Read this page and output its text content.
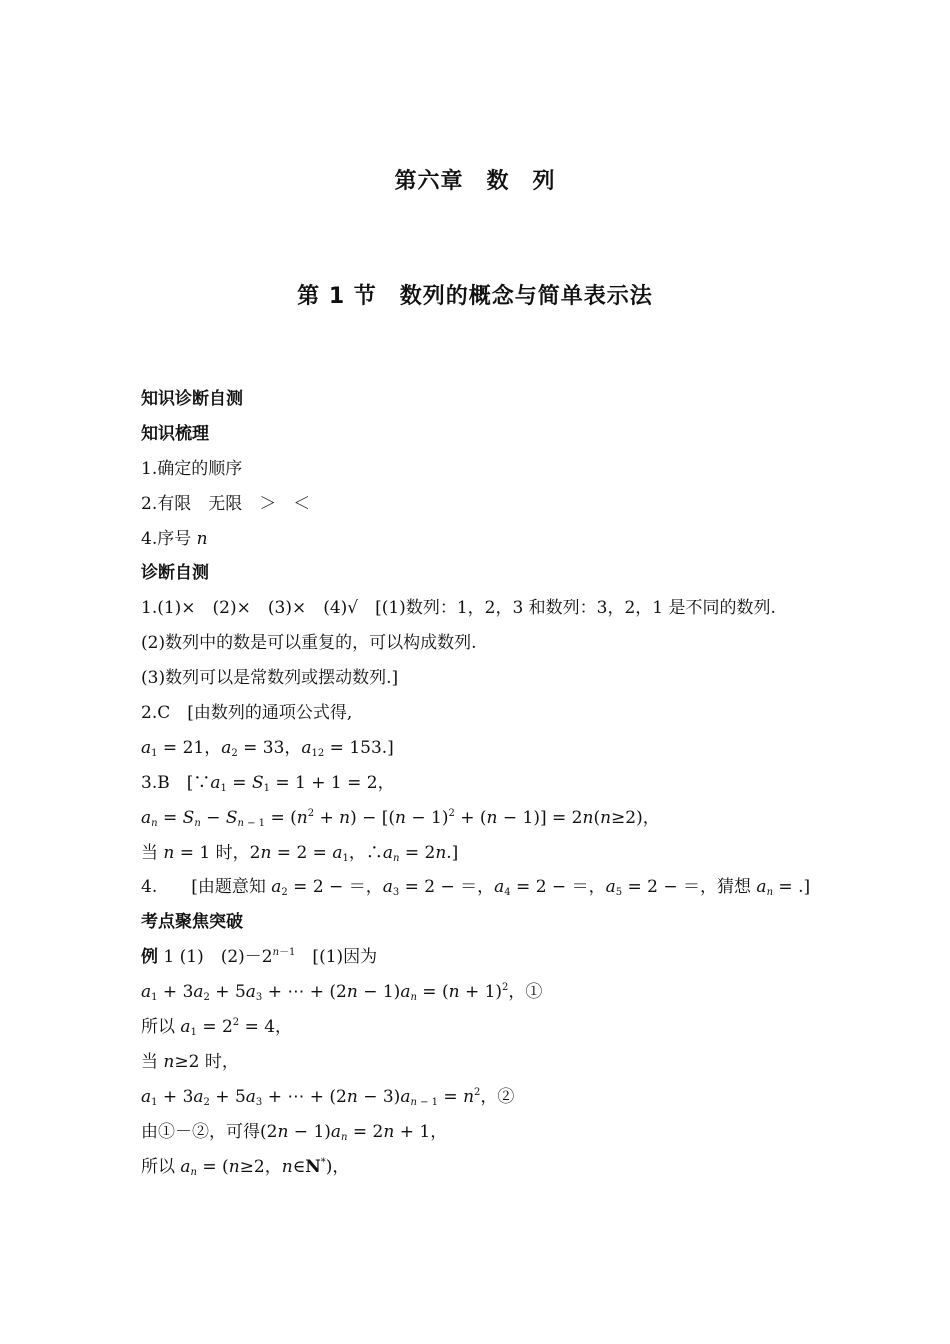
第六章　数　列
第 1 节　数列的概念与简单表示法
知识诊断自测
知识梳理
1.确定的顺序
2.有限　无限　＞　＜
4.序号 n
诊断自测
1.(1)×　(2)×　(3)×　(4)√　[(1)数列：1，2，3 和数列：3，2，1 是不同的数列.
(2)数列中的数是可以重复的，可以构成数列.
(3)数列可以是常数列或摆动数列.]
2.C　[由数列的通项公式得,
$a_1 = 21$，$a_2 = 33$，$a_{12} = 153$.]
3.B　[$\because a_1 = S_1 = 1 + 1 = 2$，
$a_n = S_n - S_{n - 1} = (n^2 + n) - [(n - 1)^2 + (n - 1)] = 2n(n\ge 2)$，
当 n = 1 时，$2n = 2 = a_1$，$\therefore a_n = 2n$.]
4.　　[由题意知 $a_2 = 2$ − ＝，$a_3 = 2$ − ＝，$a_4 = 2$ − ＝，$a_5 = 2$ − ＝，猜想 $a_n$ = .]
考点聚焦突破
例 1 (1)　$(2)-2^{n-1}$　[(1)因为
$a_1 + 3a_2 + 5a_3$ + ⋯ + $(2n - 1)a_n = (n + 1)^2$，①
所以 $a_1 = 2^2 = 4$，
当 n≥2 时，
$a_1 + 3a_2 + 5a_3$ + ⋯ + $(2n - 3)a_{n - 1} = n^2$，②
由①－②，可得$(2n - 1)a_n = 2n + 1$，
所以 $a_n = (n\ge 2$，n∈N*)，
